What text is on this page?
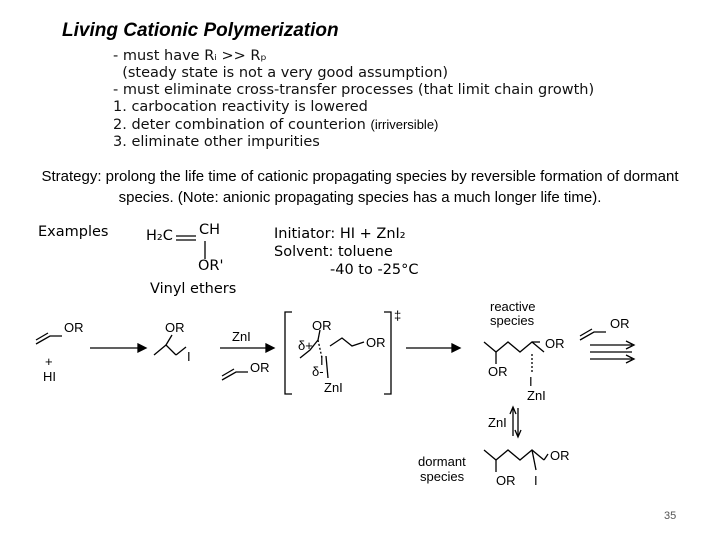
Living Cationic Polymerization
- must have Rᵢ >> Rₚ
(steady state is not a very good assumption)
- must eliminate cross-transfer processes (that limit chain growth)
1. carbocation reactivity is lowered
2. deter combination of counterion (irriversible)
3. eliminate other impurities
Strategy: prolong the life time of cationic propagating species by reversible formation of dormant species. (Note: anionic propagating species has a much longer life time).
Examples	H₂C CH
OR'
Vinyl ethers
Initiator: HI + ZnI₂
Solvent: toluene
-40 to -25°C
OR
+
HI
OR
I
ZnI
OR
OR
δ+	OR
δ-
I
ZnI
‡
reactive
species
OR
OR
I
ZnI
OR
ZnI
dormant
species OR
OR
I
35
